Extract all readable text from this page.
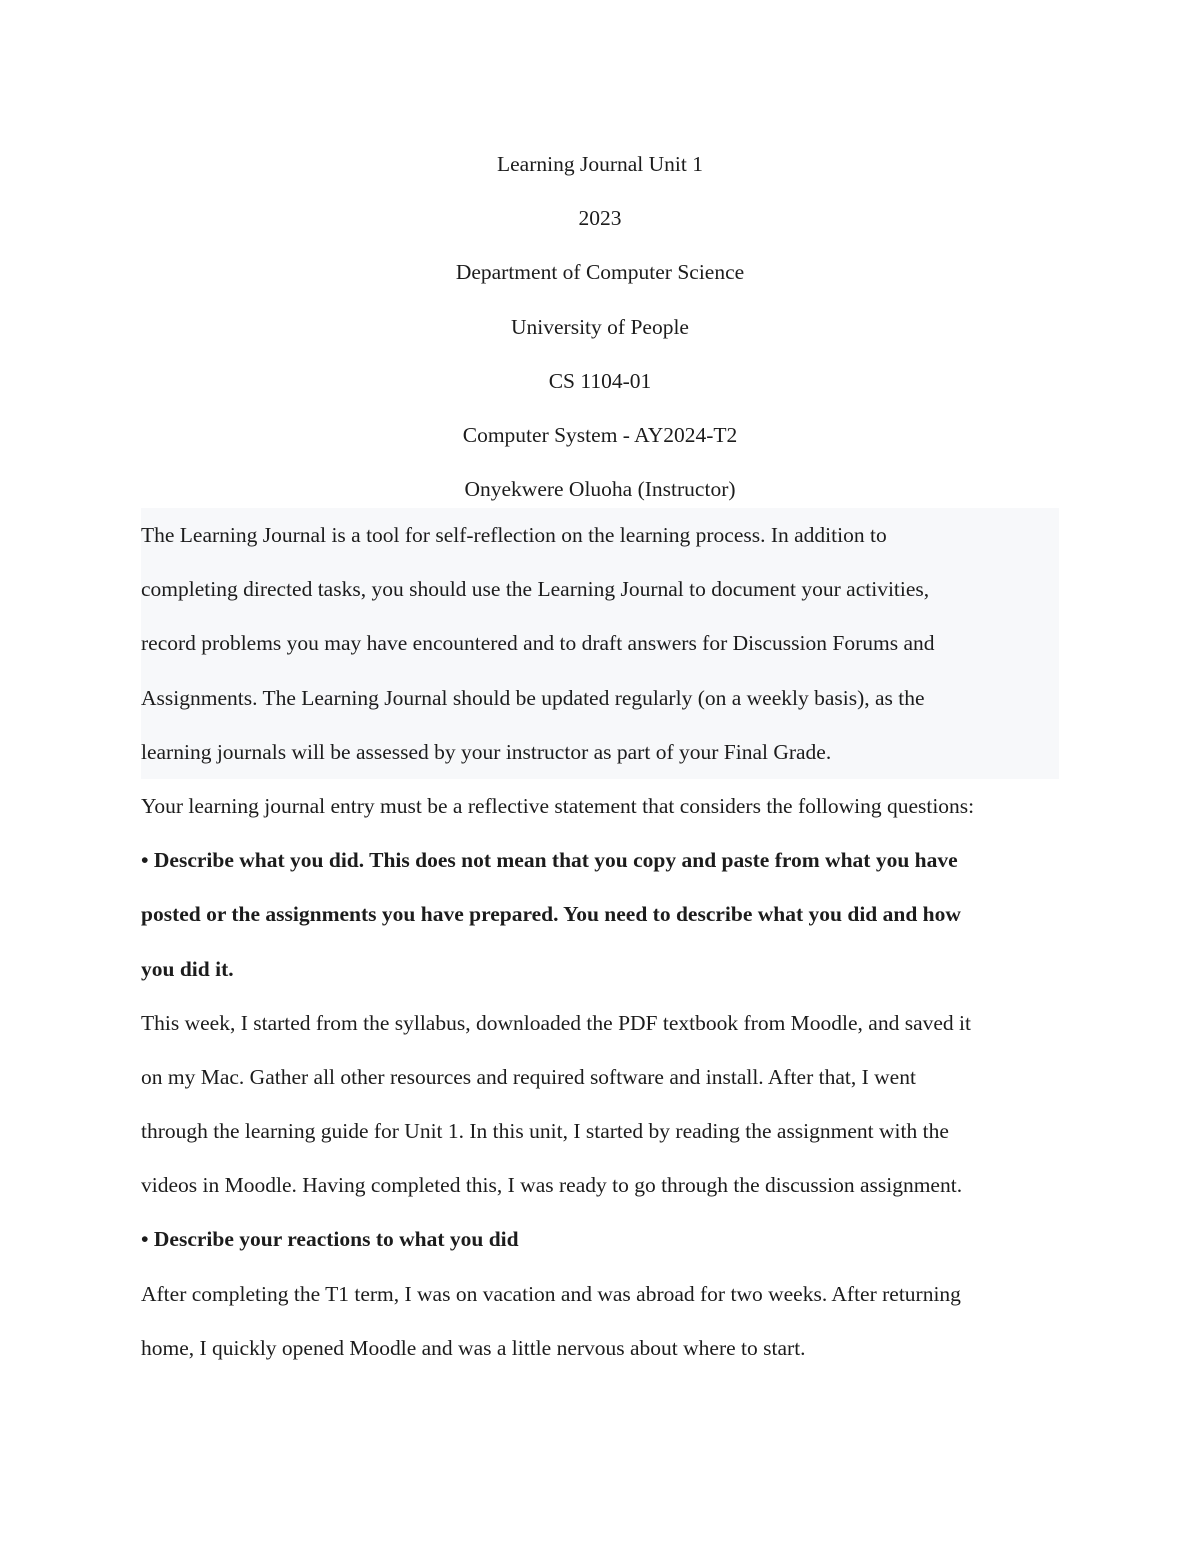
Learning Journal Unit 1
2023
Department of Computer Science
University of People
CS 1104-01
Computer System - AY2024-T2
Onyekwere Oluoha (Instructor)
The Learning Journal is a tool for self-reflection on the learning process. In addition to
completing directed tasks, you should use the Learning Journal to document your activities,
record problems you may have encountered and to draft answers for Discussion Forums and
Assignments. The Learning Journal should be updated regularly (on a weekly basis), as the
learning journals will be assessed by your instructor as part of your Final Grade.
Your learning journal entry must be a reflective statement that considers the following questions:
• Describe what you did. This does not mean that you copy and paste from what you have
posted or the assignments you have prepared. You need to describe what you did and how
you did it.
This week, I started from the syllabus, downloaded the PDF textbook from Moodle, and saved it
on my Mac. Gather all other resources and required software and install. After that, I went
through the learning guide for Unit 1. In this unit, I started by reading the assignment with the
videos in Moodle. Having completed this, I was ready to go through the discussion assignment.
• Describe your reactions to what you did
After completing the T1 term, I was on vacation and was abroad for two weeks. After returning
home, I quickly opened Moodle and was a little nervous about where to start.
